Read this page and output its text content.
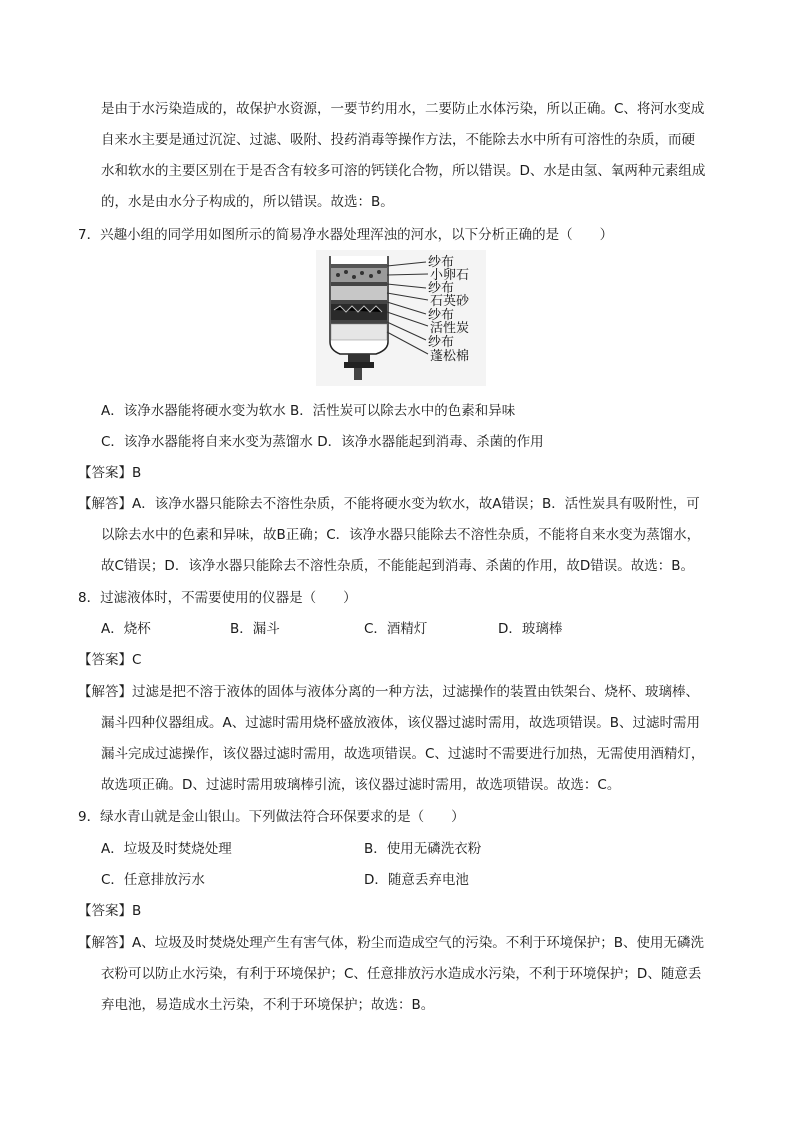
是由于水污染造成的，故保护水资源，一要节约用水，二要防止水体污染，所以正确。C、将河水变成
自来水主要是通过沉淀、过滤、吸附、投药消毒等操作方法，不能除去水中所有可溶性的杂质，而硬
水和软水的主要区别在于是否含有较多可溶的钙镁化合物，所以错误。D、水是由氢、氧两种元素组成
的，水是由水分子构成的，所以错误。故选：B。
7．兴趣小组的同学用如图所示的简易净水器处理浑浊的河水，以下分析正确的是（　　）
纱布
小卵石
纱布
石英砂
纱布
活性炭
纱布
蓬松棉
A．该净水器能将硬水变为软水 B．活性炭可以除去水中的色素和异味
C．该净水器能将自来水变为蒸馏水 D．该净水器能起到消毒、杀菌的作用
【答案】B
【解答】A．该净水器只能除去不溶性杂质，不能将硬水变为软水，故A错误；B．活性炭具有吸附性，可
以除去水中的色素和异味，故B正确；C．该净水器只能除去不溶性杂质，不能将自来水变为蒸馏水，
故C错误；D．该净水器只能除去不溶性杂质，不能能起到消毒、杀菌的作用，故D错误。故选：B。
8．过滤液体时，不需要使用的仪器是（　　）
A．烧杯	B．漏斗	C．酒精灯	D．玻璃棒
【答案】C
【解答】过滤是把不溶于液体的固体与液体分离的一种方法，过滤操作的装置由铁架台、烧杯、玻璃棒、
漏斗四种仪器组成。A、过滤时需用烧杯盛放液体，该仪器过滤时需用，故选项错误。B、过滤时需用
漏斗完成过滤操作，该仪器过滤时需用，故选项错误。C、过滤时不需要进行加热，无需使用酒精灯，
故选项正确。D、过滤时需用玻璃棒引流，该仪器过滤时需用，故选项错误。故选：C。
9．绿水青山就是金山银山。下列做法符合环保要求的是（　　）
A．垃圾及时焚烧处理	B．使用无磷洗衣粉
C．任意排放污水	D．随意丢弃电池
【答案】B
【解答】A、垃圾及时焚烧处理产生有害气体，粉尘而造成空气的污染。不利于环境保护；B、使用无磷洗
衣粉可以防止水污染，有利于环境保护；C、任意排放污水造成水污染，不利于环境保护；D、随意丢
弃电池，易造成水土污染，不利于环境保护；故选：B。
